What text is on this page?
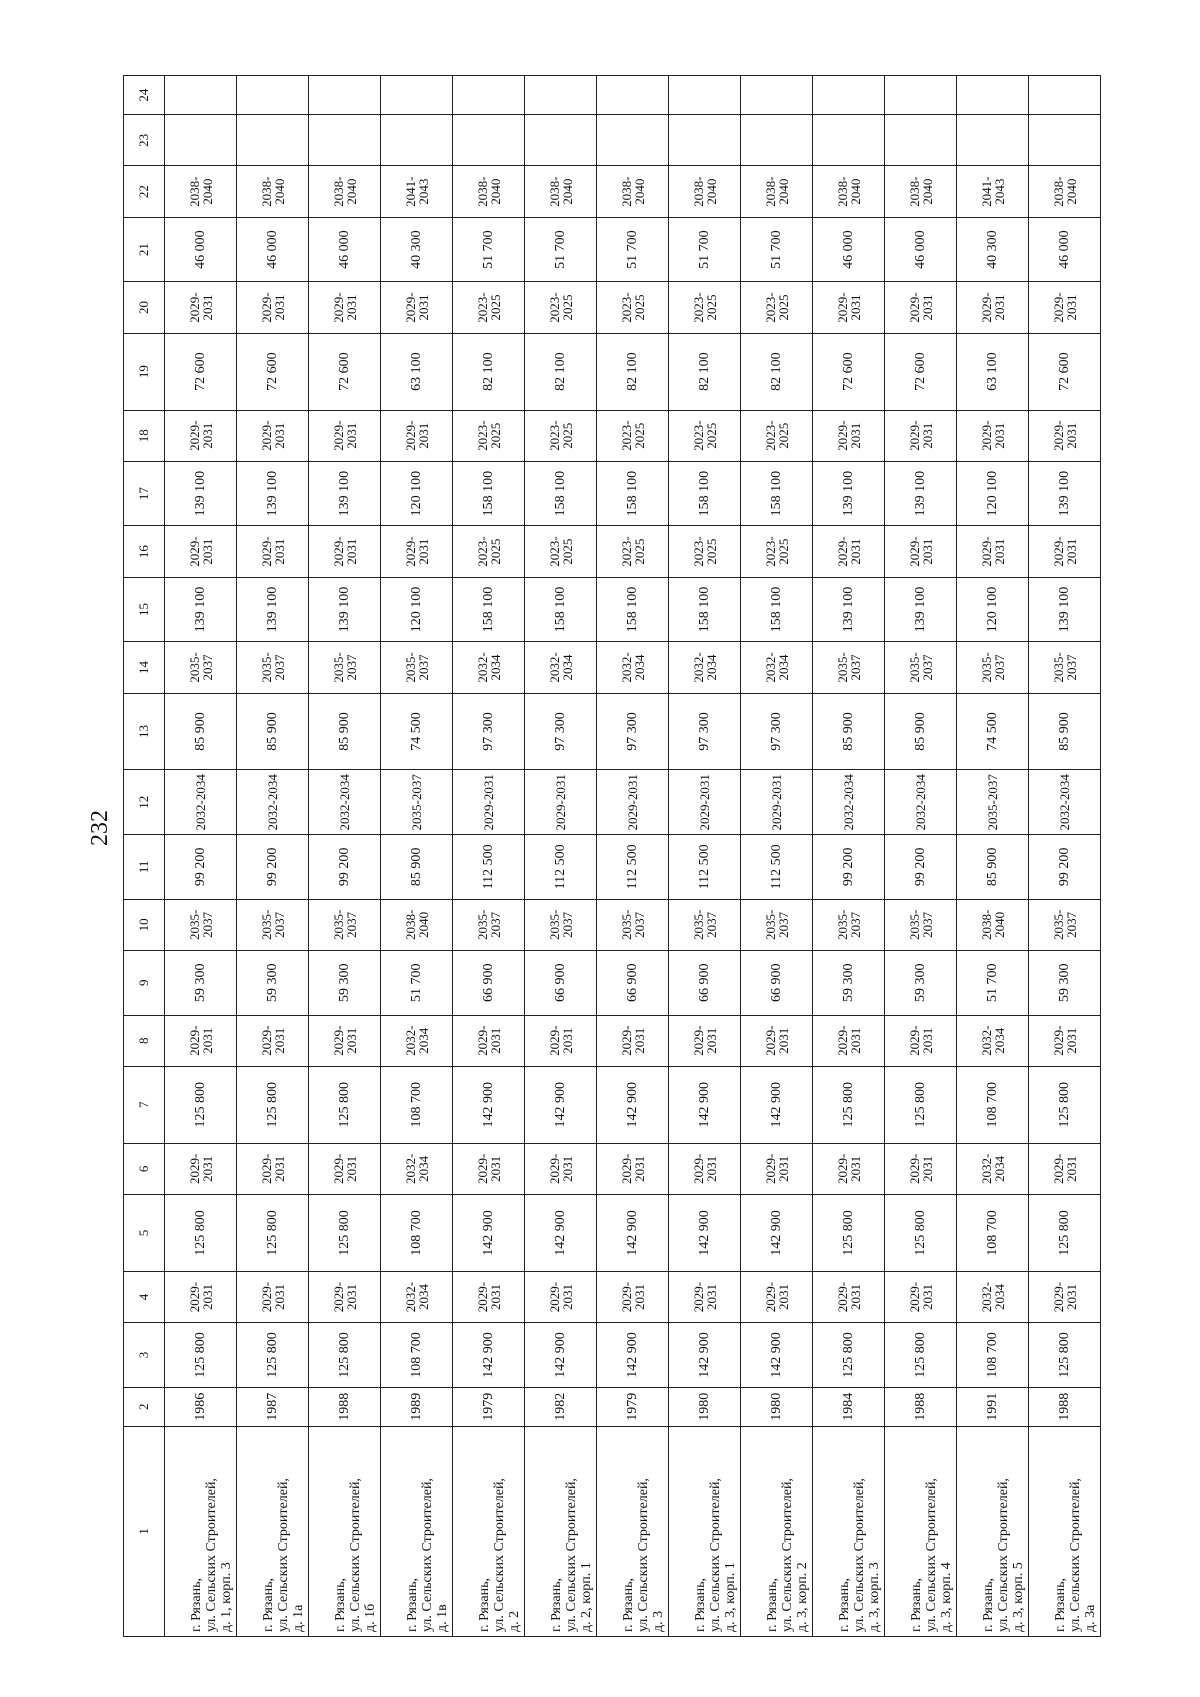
232
1	2	3	4	5	6	7	8	9	10	11	12	13	14	15	16	17	18	19	20	21	22	23	24

г. Рязань, ул. Сельских Строителей, д. 1, корп. 3	1986	125 800	2029-2031	125 800	2029-2031	125 800	2029-2031	59 300	2035-2037	99 200	2032-2034	85 900	2035-2037	139 100	2029-2031	139 100	2029-2031	72 600	2029-2031	46 000	2038-2040		

г. Рязань, ул. Сельских Строителей, д. 1а	1987	125 800	2029-2031	125 800	2029-2031	125 800	2029-2031	59 300	2035-2037	99 200	2032-2034	85 900	2035-2037	139 100	2029-2031	139 100	2029-2031	72 600	2029-2031	46 000	2038-2040		

г. Рязань, ул. Сельских Строителей, д. 1б	1988	125 800	2029-2031	125 800	2029-2031	125 800	2029-2031	59 300	2035-2037	99 200	2032-2034	85 900	2035-2037	139 100	2029-2031	139 100	2029-2031	72 600	2029-2031	46 000	2038-2040		

г. Рязань, ул. Сельских Строителей, д. 1в	1989	108 700	2032-2034	108 700	2032-2034	108 700	2032-2034	51 700	2038-2040	85 900	2035-2037	74 500	2035-2037	120 100	2029-2031	120 100	2029-2031	63 100	2029-2031	40 300	2041-2043		

г. Рязань, ул. Сельских Строителей, д. 2	1979	142 900	2029-2031	142 900	2029-2031	142 900	2029-2031	66 900	2035-2037	112 500	2029-2031	97 300	2032-2034	158 100	2023-2025	158 100	2023-2025	82 100	2023-2025	51 700	2038-2040		

г. Рязань, ул. Сельских Строителей, д. 2, корп. 1	1982	142 900	2029-2031	142 900	2029-2031	142 900	2029-2031	66 900	2035-2037	112 500	2029-2031	97 300	2032-2034	158 100	2023-2025	158 100	2023-2025	82 100	2023-2025	51 700	2038-2040		

г. Рязань, ул. Сельских Строителей, д. 3	1979	142 900	2029-2031	142 900	2029-2031	142 900	2029-2031	66 900	2035-2037	112 500	2029-2031	97 300	2032-2034	158 100	2023-2025	158 100	2023-2025	82 100	2023-2025	51 700	2038-2040		

г. Рязань, ул. Сельских Строителей, д. 3, корп. 1	1980	142 900	2029-2031	142 900	2029-2031	142 900	2029-2031	66 900	2035-2037	112 500	2029-2031	97 300	2032-2034	158 100	2023-2025	158 100	2023-2025	82 100	2023-2025	51 700	2038-2040		

г. Рязань, ул. Сельских Строителей, д. 3, корп. 2	1980	142 900	2029-2031	142 900	2029-2031	142 900	2029-2031	66 900	2035-2037	112 500	2029-2031	97 300	2032-2034	158 100	2023-2025	158 100	2023-2025	82 100	2023-2025	51 700	2038-2040		

г. Рязань, ул. Сельских Строителей, д. 3, корп. 3	1984	125 800	2029-2031	125 800	2029-2031	125 800	2029-2031	59 300	2035-2037	99 200	2032-2034	85 900	2035-2037	139 100	2029-2031	139 100	2029-2031	72 600	2029-2031	46 000	2038-2040		

г. Рязань, ул. Сельских Строителей, д. 3, корп. 4	1988	125 800	2029-2031	125 800	2029-2031	125 800	2029-2031	59 300	2035-2037	99 200	2032-2034	85 900	2035-2037	139 100	2029-2031	139 100	2029-2031	72 600	2029-2031	46 000	2038-2040		

г. Рязань, ул. Сельских Строителей, д. 3, корп. 5	1991	108 700	2032-2034	108 700	2032-2034	108 700	2032-2034	51 700	2038-2040	85 900	2035-2037	74 500	2035-2037	120 100	2029-2031	120 100	2029-2031	63 100	2029-2031	40 300	2041-2043		

г. Рязань, ул. Сельских Строителей, д. 3а	1988	125 800	2029-2031	125 800	2029-2031	125 800	2029-2031	59 300	2035-2037	99 200	2032-2034	85 900	2035-2037	139 100	2029-2031	139 100	2029-2031	72 600	2029-2031	46 000	2038-2040		
